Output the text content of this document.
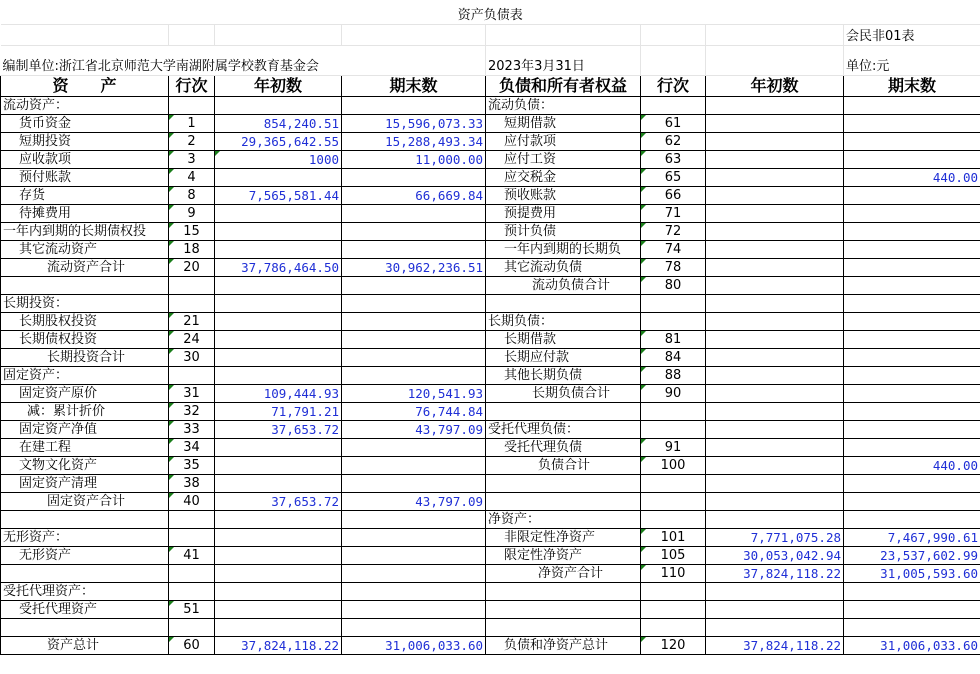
资产负债表							
							会民非01表
编制单位:浙江省北京师范大学南湖附属学校教育基金会				2023年3月31日			单位:元
资　　产	行次	年初数	期末数	负债和所有者权益	行次	年初数	期末数
流动资产：				流动负债：			
货币资金	1	854,240.51	15,596,073.33	短期借款	61		
短期投资	2	29,365,642.55	15,288,493.34	应付款项	62		
应收款项	3	1000	11,000.00	应付工资	63		
预付账款	4			应交税金	65		440.00
存货	8	7,565,581.44	66,669.84	预收账款	66		
待摊费用	9			预提费用	71		
一年内到期的长期债权投	15			预计负债	72		
其它流动资产	18			一年内到期的长期负	74		
流动资产合计	20	37,786,464.50	30,962,236.51	其它流动负债	78		
				流动负债合计	80		
长期投资：							
长期股权投资	21			长期负债：			
长期债权投资	24			长期借款	81		
长期投资合计	30			长期应付款	84		
固定资产：				其他长期负债	88		
固定资产原价	31	109,444.93	120,541.93	长期负债合计	90		
减：累计折价	32	71,791.21	76,744.84				
固定资产净值	33	37,653.72	43,797.09	受托代理负债：			
在建工程	34			受托代理负债	91		
文物文化资产	35			负债合计	100		440.00
固定资产清理	38						
固定资产合计	40	37,653.72	43,797.09				
				净资产：			
无形资产：				非限定性净资产	101	7,771,075.28	7,467,990.61
无形资产	41			限定性净资产	105	30,053,042.94	23,537,602.99
				净资产合计	110	37,824,118.22	31,005,593.60
受托代理资产：							
受托代理资产	51						

资产总计	60	37,824,118.22	31,006,033.60	负债和净资产总计	120	37,824,118.22	31,006,033.60
